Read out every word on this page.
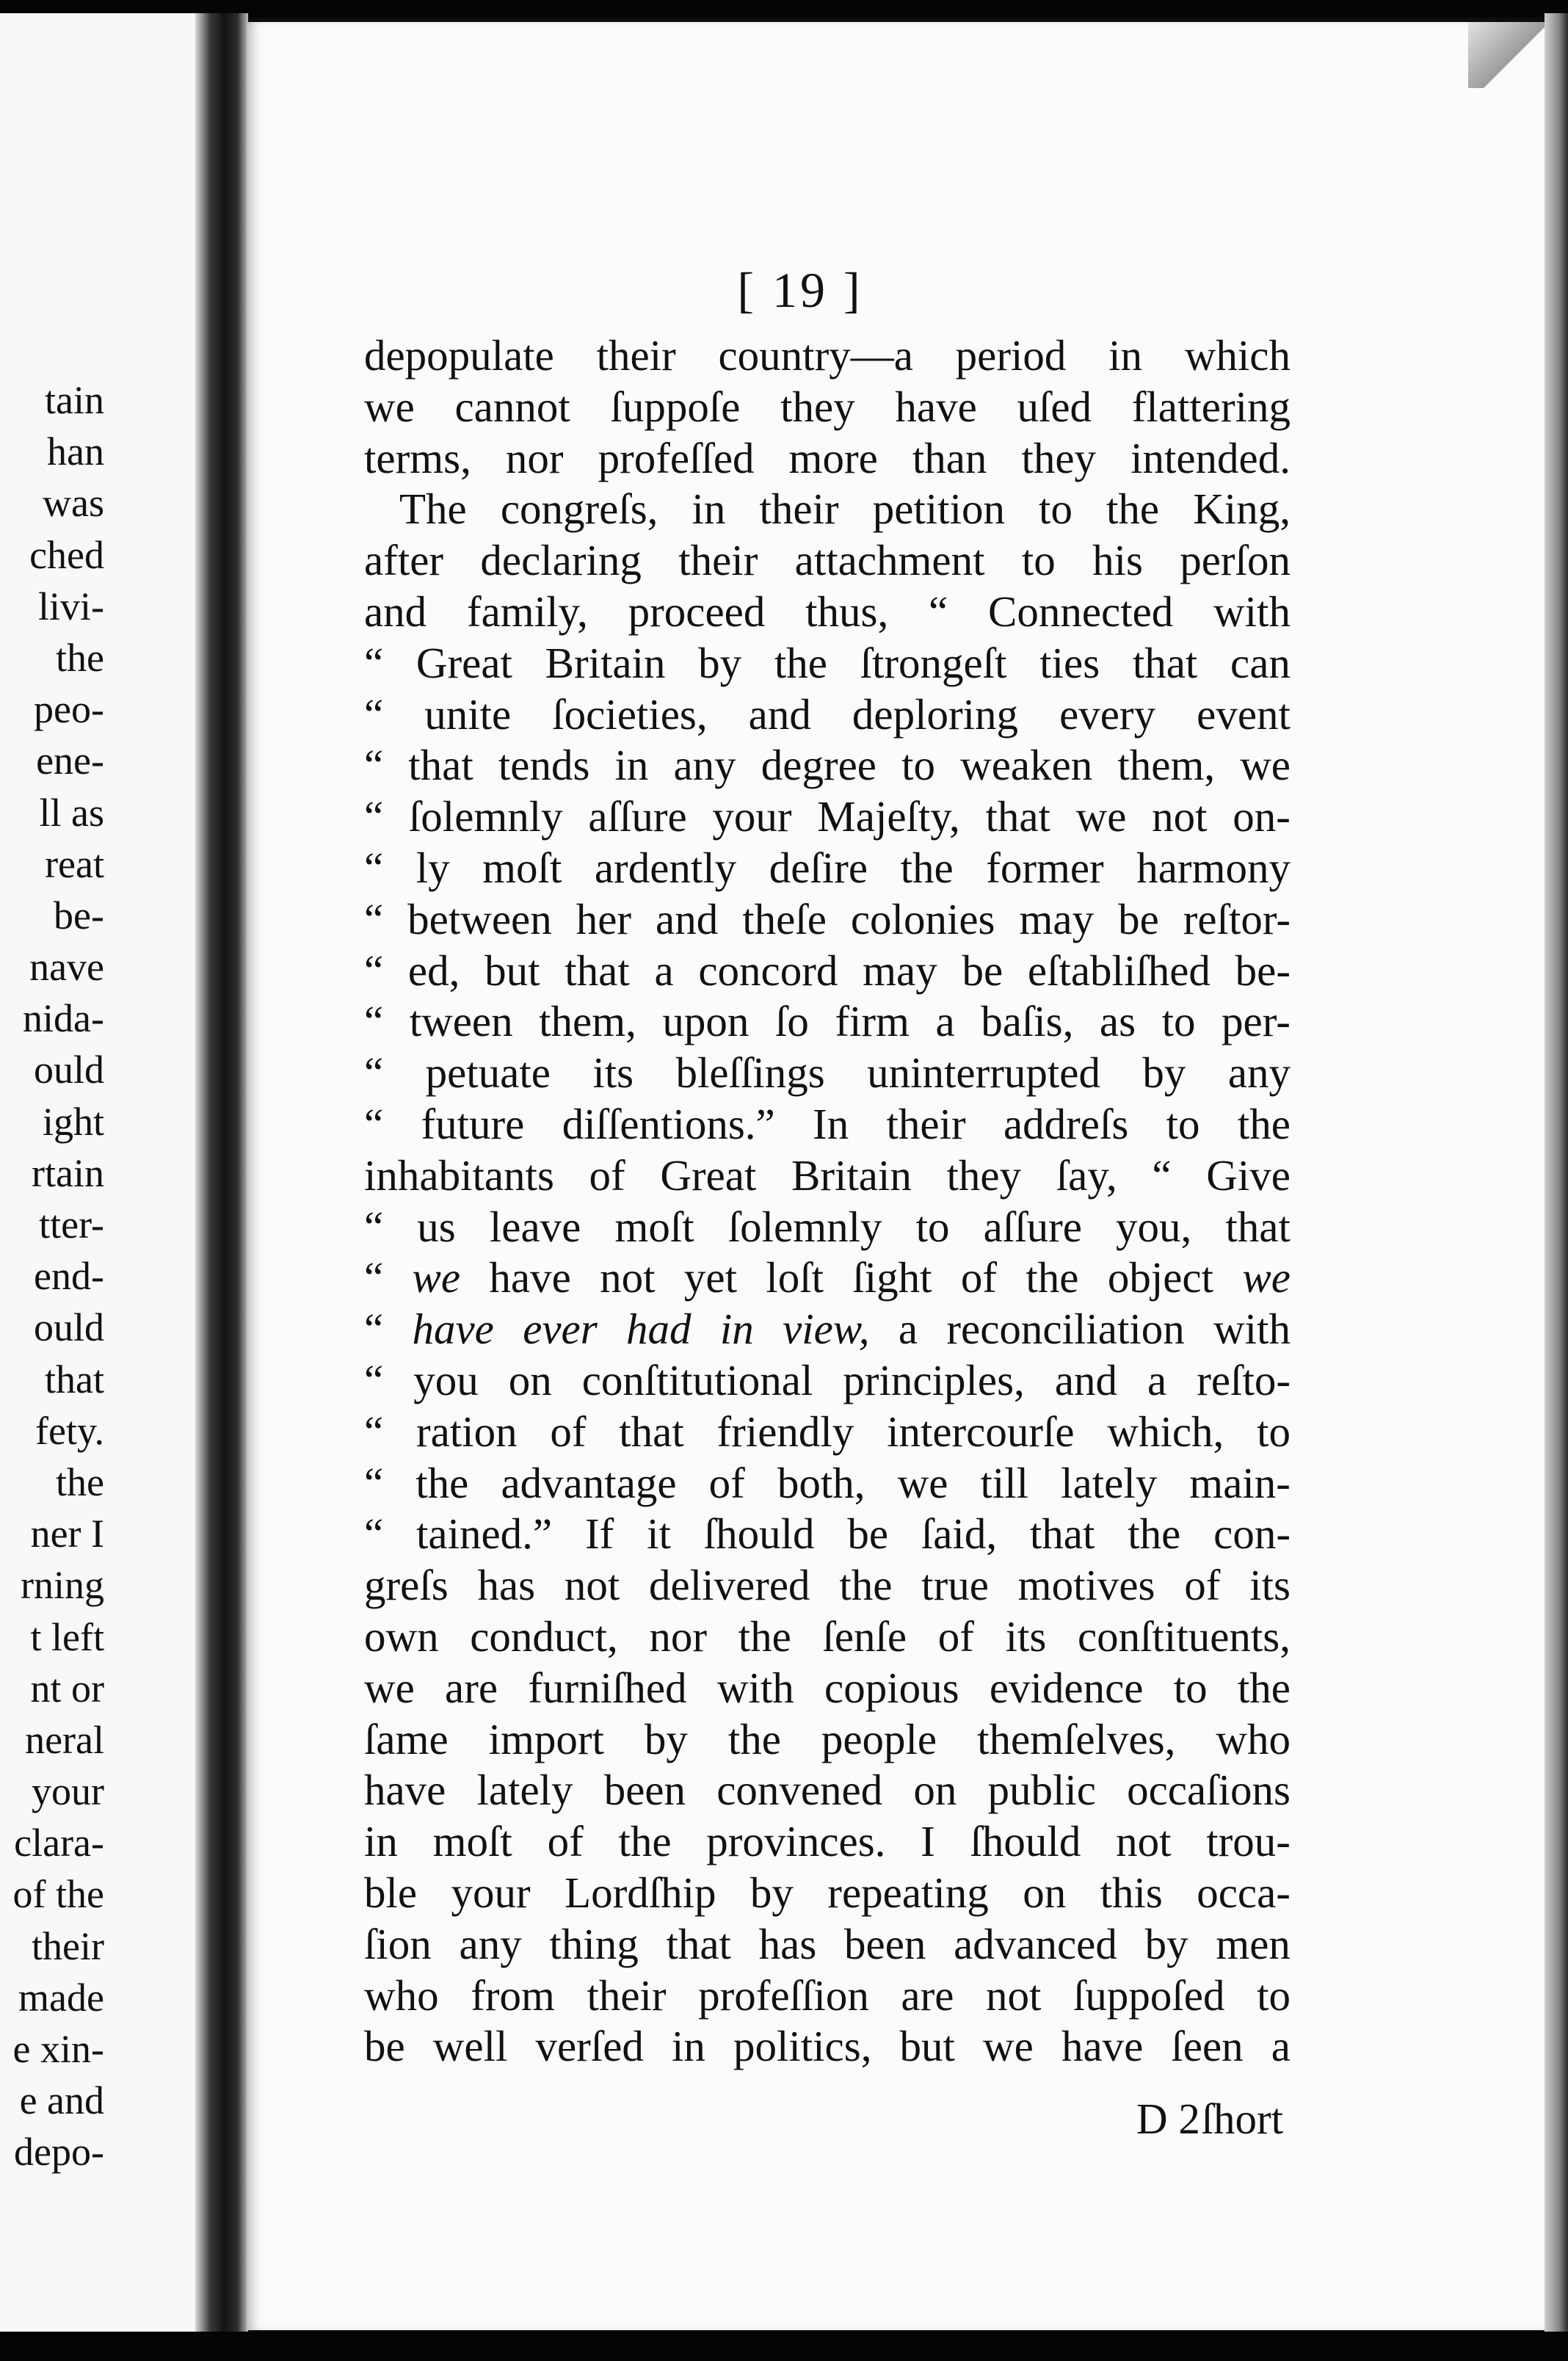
tain
han
was
ched
livi-
the
peo-
ene-
ll as
reat
be-
nave
nida-
ould
ight
rtain
tter-
end-
ould
that
fety.
the
ner I
rning
t left
nt or
neral
your
clara-
of the
their
made
e xin-
e and
depo-
[ 19 ]
depopulate their country—a period in which
we cannot ſuppoſe they have uſed flattering
terms, nor profeſſed more than they intended.
The congreſs, in their petition to the King,
after declaring their attachment to his perſon
and family, proceed thus, “ Connected with
“ Great Britain by the ſtrongeſt ties that can
“ unite ſocieties, and deploring every event
“ that tends in any degree to weaken them, we
“ ſolemnly aſſure your Majeſty, that we not on-
“ ly moſt ardently deſire the former harmony
“ between her and theſe colonies may be reſtor-
“ ed, but that a concord may be eſtabliſhed be-
“ tween them, upon ſo firm a baſis, as to per-
“ petuate its bleſſings uninterrupted by any
“ future diſſentions.” In their addreſs to the
inhabitants of Great Britain they ſay, “ Give
“ us leave moſt ſolemnly to aſſure you, that
“ we have not yet loſt ſight of the object we
“ have ever had in view, a reconciliation with
“ you on conſtitutional principles, and a reſto-
“ ration of that friendly intercourſe which, to
“ the advantage of both, we till lately main-
“ tained.” If it ſhould be ſaid, that the con-
greſs has not delivered the true motives of its
own conduct, nor the ſenſe of its conſtituents,
we are furniſhed with copious evidence to the
ſame import by the people themſelves, who
have lately been convened on public occaſions
in moſt of the provinces. I ſhould not trou-
ble your Lordſhip by repeating on this occa-
ſion any thing that has been advanced by men
who from their profeſſion are not ſuppoſed to
be well verſed in politics, but we have ſeen a
D 2 ſhort
